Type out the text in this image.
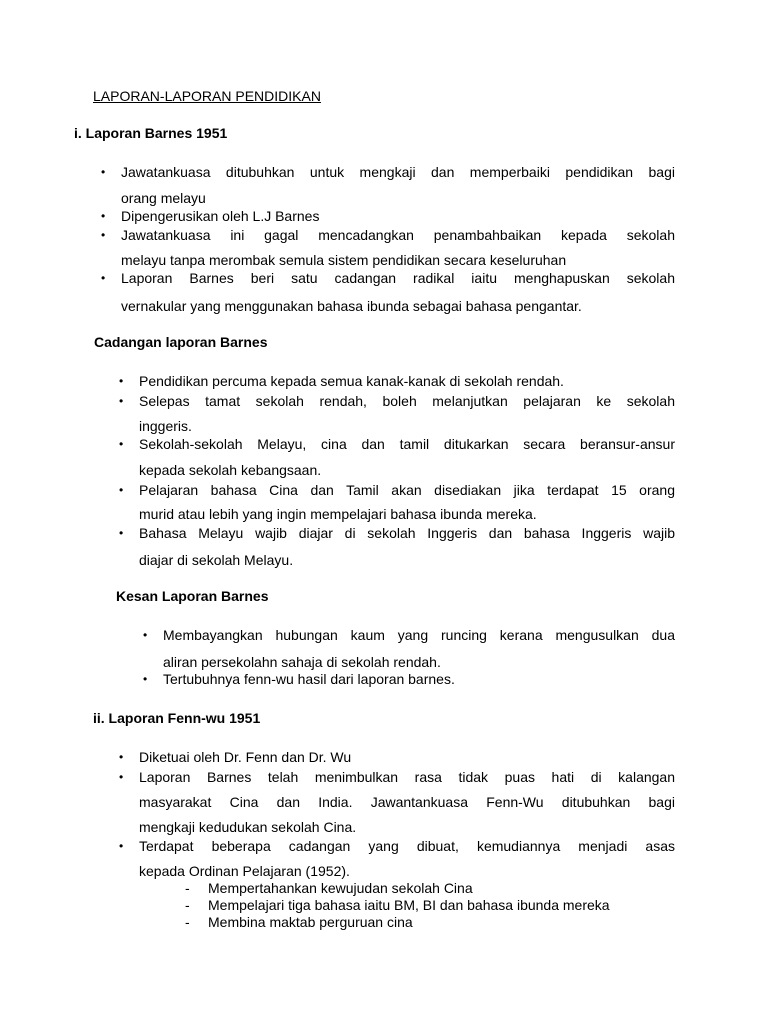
LAPORAN-LAPORAN PENDIDIKAN
i. Laporan Barnes 1951
• Jawatankuasa ditubuhkan untuk mengkaji dan memperbaiki pendidikan bagi
orang melayu
• Dipengerusikan oleh L.J Barnes
• Jawatankuasa ini gagal mencadangkan penambahbaikan kepada sekolah
melayu tanpa merombak semula sistem pendidikan secara keseluruhan
• Laporan Barnes beri satu cadangan radikal iaitu menghapuskan sekolah
vernakular yang menggunakan bahasa ibunda sebagai bahasa pengantar.
Cadangan laporan Barnes
• Pendidikan percuma kepada semua kanak-kanak di sekolah rendah.
• Selepas tamat sekolah rendah, boleh melanjutkan pelajaran ke sekolah
inggeris.
• Sekolah-sekolah Melayu, cina dan tamil ditukarkan secara beransur-ansur
kepada sekolah kebangsaan.
• Pelajaran bahasa Cina dan Tamil akan disediakan jika terdapat 15 orang
murid atau lebih yang ingin mempelajari bahasa ibunda mereka.
• Bahasa Melayu wajib diajar di sekolah Inggeris dan bahasa Inggeris wajib
diajar di sekolah Melayu.
Kesan Laporan Barnes
• Membayangkan hubungan kaum yang runcing kerana mengusulkan dua
aliran persekolahn sahaja di sekolah rendah.
• Tertubuhnya fenn-wu hasil dari laporan barnes.
ii. Laporan Fenn-wu 1951
• Diketuai oleh Dr. Fenn dan Dr. Wu
• Laporan Barnes telah menimbulkan rasa tidak puas hati di kalangan
masyarakat Cina dan India. Jawantankuasa Fenn-Wu ditubuhkan bagi
mengkaji kedudukan sekolah Cina.
• Terdapat beberapa cadangan yang dibuat, kemudiannya menjadi asas
kepada Ordinan Pelajaran (1952).
- Mempertahankan kewujudan sekolah Cina
- Mempelajari tiga bahasa iaitu BM, BI dan bahasa ibunda mereka
- Membina maktab perguruan cina
